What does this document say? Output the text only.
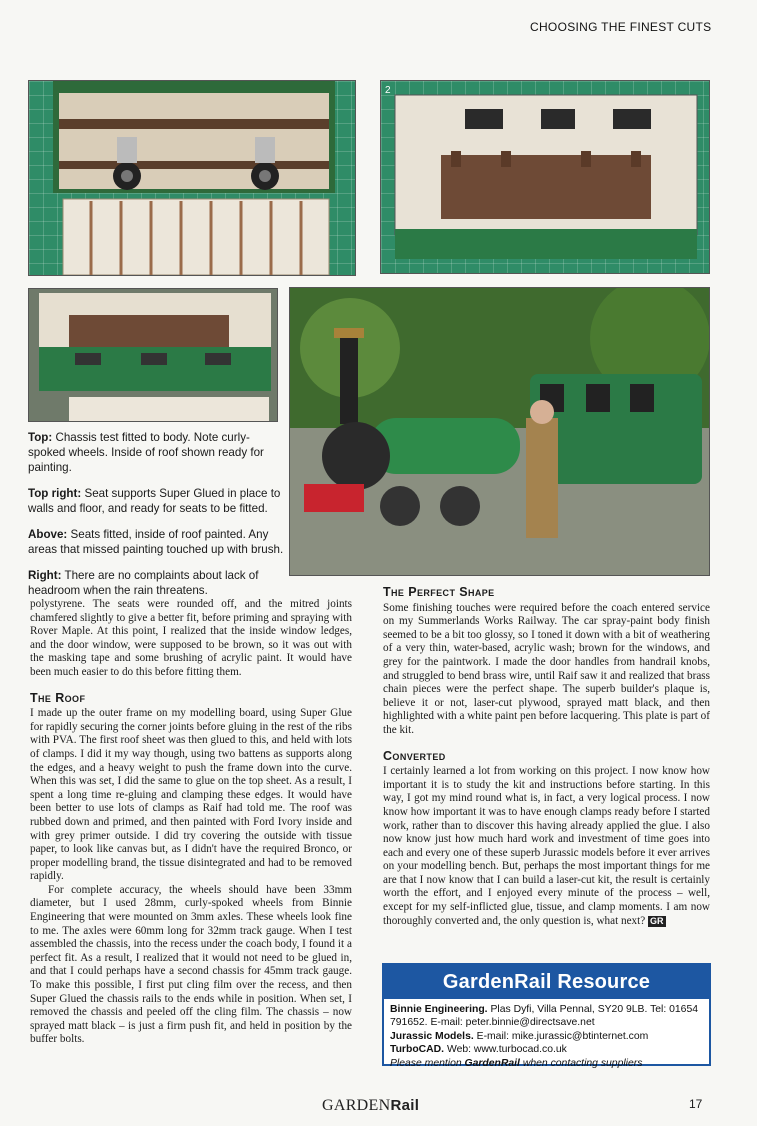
CHOOSING THE FINEST CUTS
2

Top: Chassis test fitted to body. Note curly-spoked wheels. Inside of roof shown ready for painting.

Top right: Seat supports Super Glued in place to walls and floor, and ready for seats to be fitted.

Above: Seats fitted, inside of roof painted. Any areas that missed painting touched up with brush.

Right: There are no complaints about lack of headroom when the rain threatens.

polystyrene. The seats were rounded off, and the mitred joints chamfered slightly to give a better fit, before priming and spraying with Rover Maple. At this point, I realized that the inside window ledges, and the door window, were supposed to be brown, so it was out with the masking tape and some brushing of acrylic paint. It would have been much easier to do this before fitting them.

The Roof

I made up the outer frame on my modelling board, using Super Glue for rapidly securing the corner joints before gluing in the rest of the ribs with PVA. The first roof sheet was then glued to this, and held with lots of clamps. I did it my way though, using two battens as supports along the edges, and a heavy weight to push the frame down into the curve. When this was set, I did the same to glue on the top sheet. As a result, I spent a long time re-gluing and clamping these edges. It would have been better to use lots of clamps as Raif had told me. The roof was rubbed down and primed, and then painted with Ford Ivory inside and with grey primer outside. I did try covering the outside with tissue paper, to look like canvas but, as I didn't have the required Bronco, or proper modelling brand, the tissue disintegrated and had to be removed rapidly.

For complete accuracy, the wheels should have been 33mm diameter, but I used 28mm, curly-spoked wheels from Binnie Engineering that were mounted on 3mm axles. These wheels look fine to me. The axles were 60mm long for 32mm track gauge. When I test assembled the chassis, into the recess under the coach body, I found it a perfect fit. As a result, I realized that it would not need to be glued in, and that I could perhaps have a second chassis for 45mm track gauge. To make this possible, I first put cling film over the recess, and then Super Glued the chassis rails to the ends while in position. When set, I removed the chassis and peeled off the cling film. The chassis – now sprayed matt black – is just a firm push fit, and held in position by the buffer bolts.

The Perfect Shape

Some finishing touches were required before the coach entered service on my Summerlands Works Railway. The car spray-paint body finish seemed to be a bit too glossy, so I toned it down with a bit of weathering of a very thin, water-based, acrylic wash; brown for the windows, and grey for the paintwork. I made the door handles from handrail knobs, and struggled to bend brass wire, until Raif saw it and realized that brass chain pieces were the perfect shape. The superb builder's plaque is, believe it or not, laser-cut plywood, sprayed matt black, and then highlighted with a white paint pen before lacquering. This plate is part of the kit.

Converted

I certainly learned a lot from working on this project. I now know how important it is to study the kit and instructions before starting. In this way, I got my mind round what is, in fact, a very logical process. I now know how important it was to have enough clamps ready before I started work, rather than to discover this having already applied the glue. I also now know just how much hard work and investment of time goes into each and every one of these superb Jurassic models before it ever arrives on your modelling bench. But, perhaps the most important things for me are that I now know that I can build a laser-cut kit, the result is certainly worth the effort, and I enjoyed every minute of the process – well, except for my self-inflicted glue, tissue, and clamp moments. I am now thoroughly converted and, the only question is, what next? GR

GardenRail Resource
Binnie Engineering. Plas Dyfi, Villa Pennal, SY20 9LB. Tel: 01654 791652. E-mail: peter.binnie@directsave.net
Jurassic Models. E-mail: mike.jurassic@btinternet.com
TurboCAD. Web: www.turbocad.co.uk
Please mention GardenRail when contacting suppliers
GARDENRail	17
